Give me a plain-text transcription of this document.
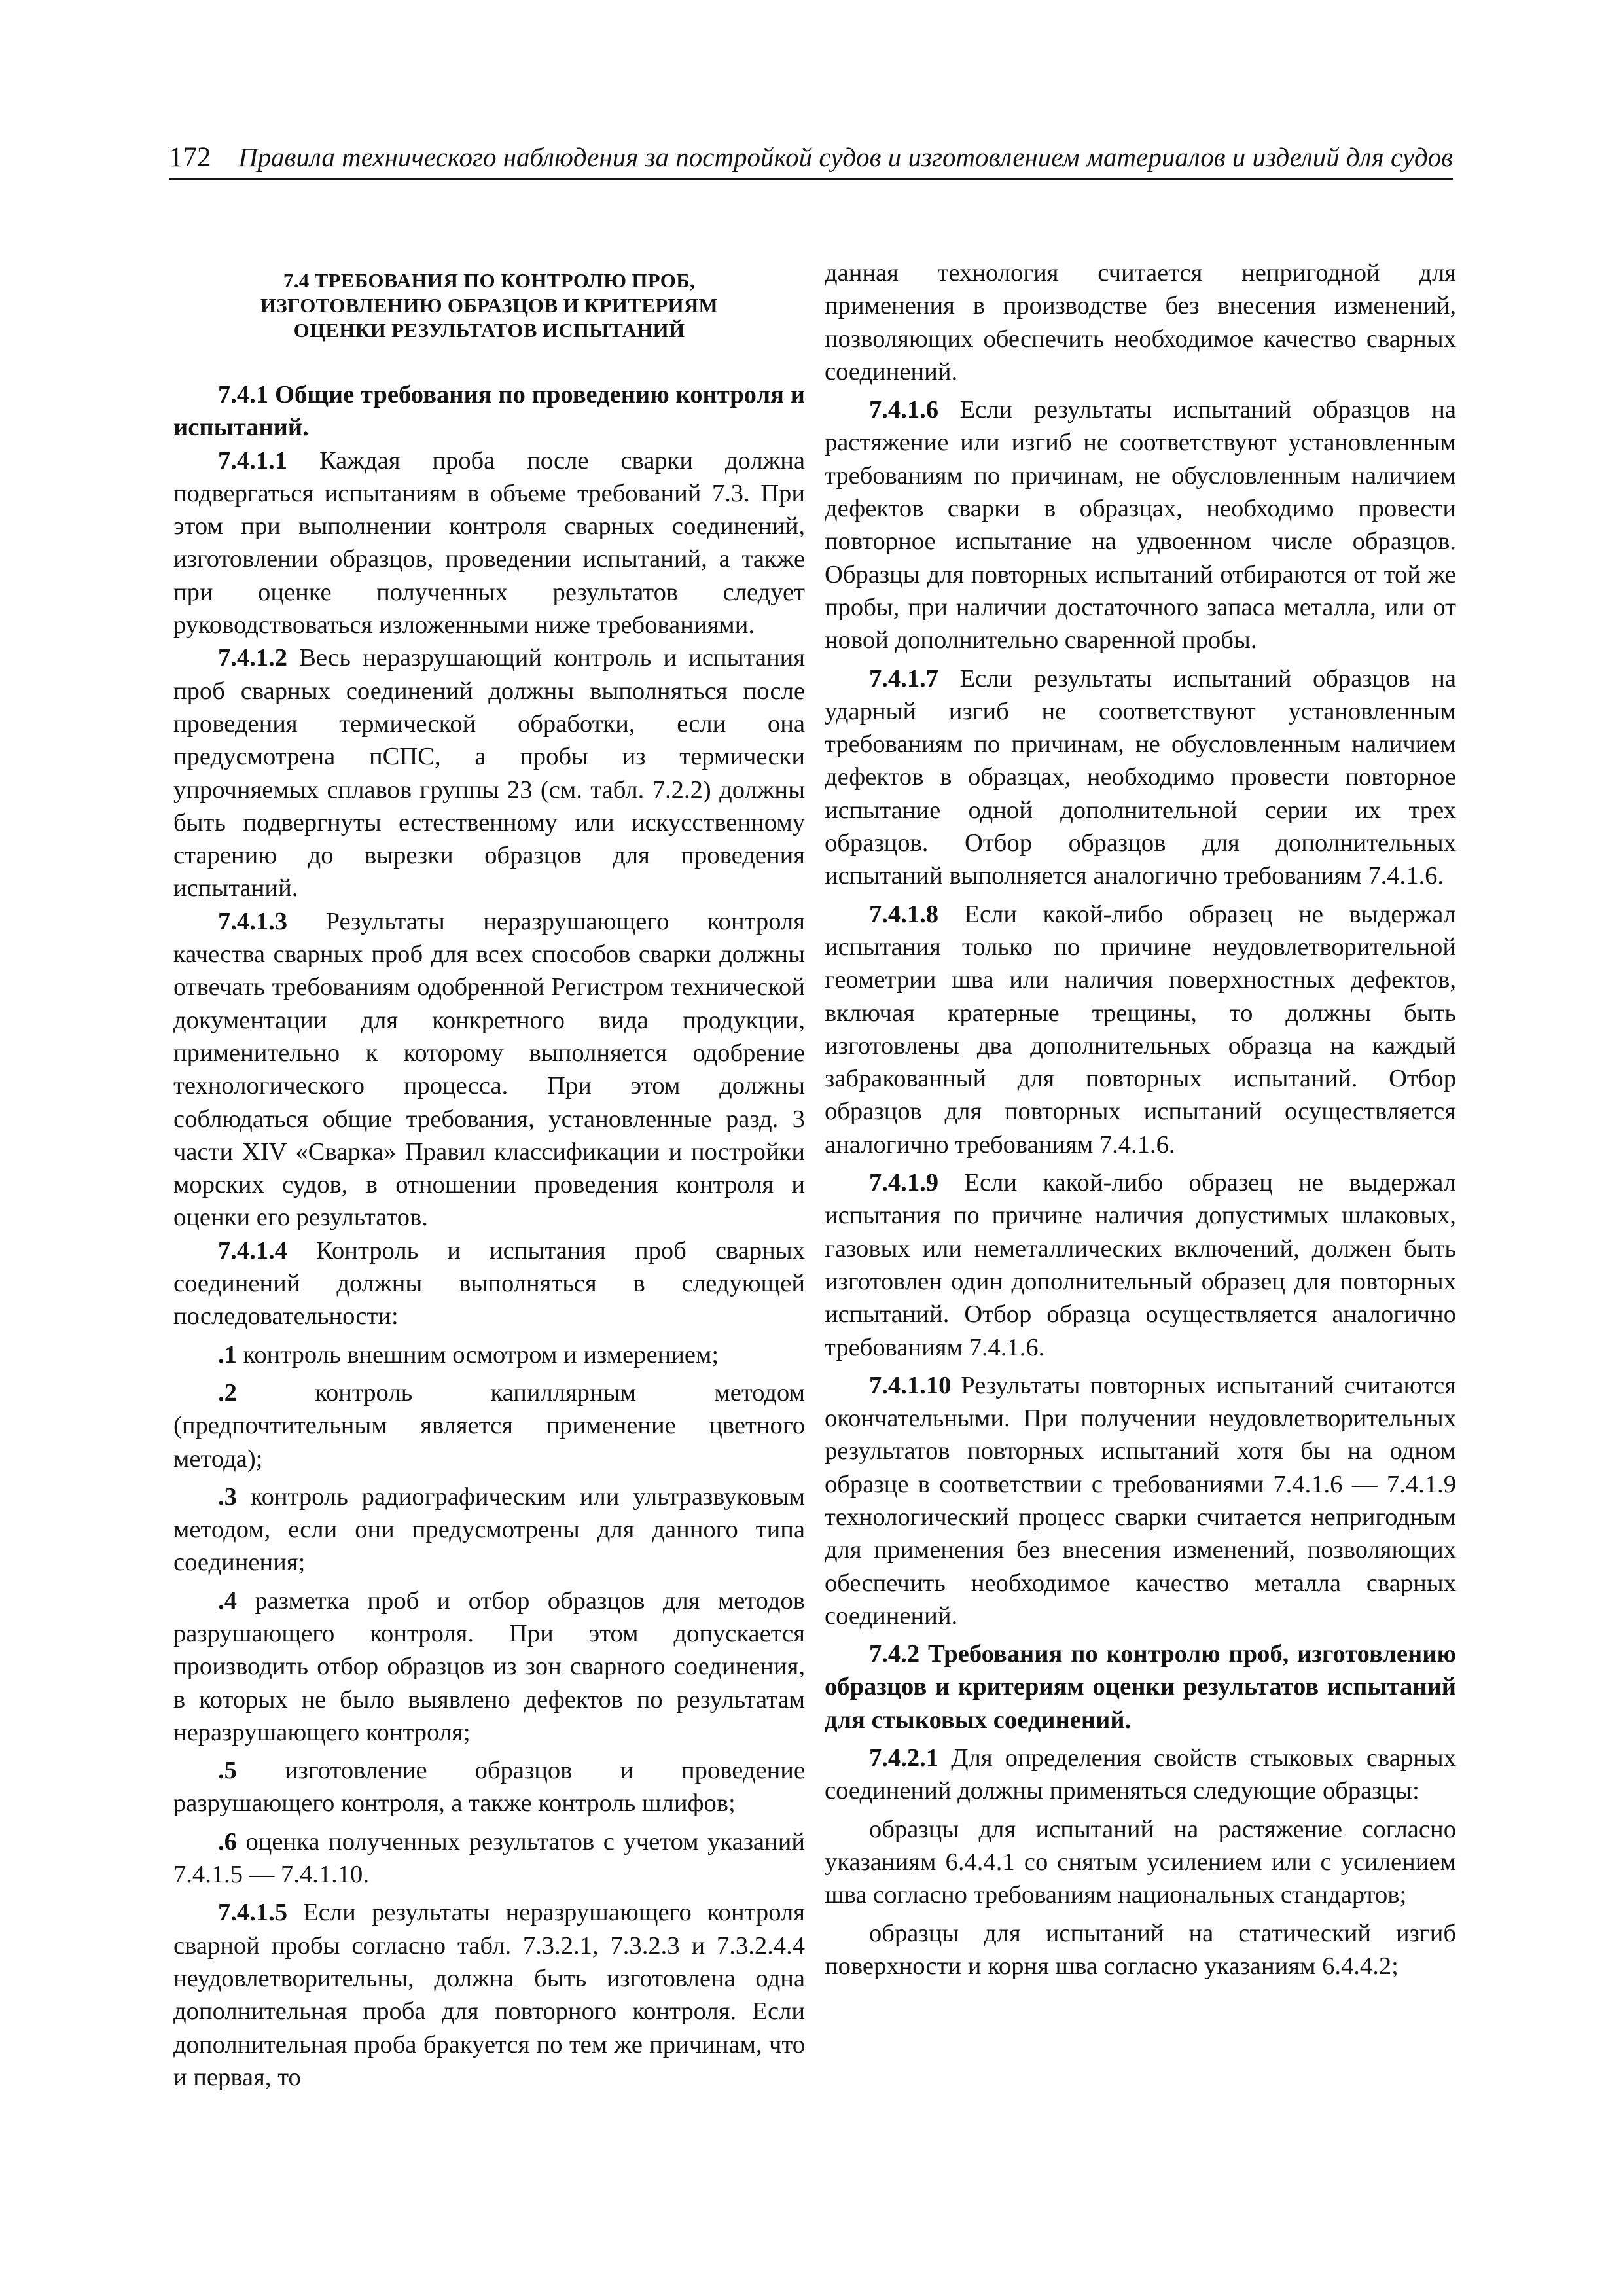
172 Правила технического наблюдения за постройкой судов и изготовлением материалов и изделий для судов
7.4 ТРЕБОВАНИЯ ПО КОНТРОЛЮ ПРОБ, ИЗГОТОВЛЕНИЮ ОБРАЗЦОВ И КРИТЕРИЯМ ОЦЕНКИ РЕЗУЛЬТАТОВ ИСПЫТАНИЙ

7.4.1 Общие требования по проведению контроля и испытаний.

7.4.1.1 Каждая проба после сварки должна подвергаться испытаниям в объеме требований 7.3. При этом при выполнении контроля сварных соединений, изготовлении образцов, проведении испытаний, а также при оценке полученных результатов следует руководствоваться изложенными ниже требованиями.

7.4.1.2 Весь неразрушающий контроль и испытания проб сварных соединений должны выполняться после проведения термической обработки, если она предусмотрена пСПС, а пробы из термически упрочняемых сплавов группы 23 (см. табл. 7.2.2) должны быть подвергнуты естественному или искусственному старению до вырезки образцов для проведения испытаний.

7.4.1.3 Результаты неразрушающего контроля качества сварных проб для всех способов сварки должны отвечать требованиям одобренной Регистром технической документации для конкретного вида продукции, применительно к которому выполняется одобрение технологического процесса. При этом должны соблюдаться общие требования, установленные разд. 3 части XIV «Сварка» Правил классификации и постройки морских судов, в отношении проведения контроля и оценки его результатов.

7.4.1.4 Контроль и испытания проб сварных соединений должны выполняться в следующей последовательности:

.1 контроль внешним осмотром и измерением;

.2 контроль капиллярным методом (предпочтительным является применение цветного метода);

.3 контроль радиографическим или ультразвуковым методом, если они предусмотрены для данного типа соединения;

.4 разметка проб и отбор образцов для методов разрушающего контроля. При этом допускается производить отбор образцов из зон сварного соединения, в которых не было выявлено дефектов по результатам неразрушающего контроля;

.5 изготовление образцов и проведение разрушающего контроля, а также контроль шлифов;

.6 оценка полученных результатов с учетом указаний 7.4.1.5 — 7.4.1.10.

7.4.1.5 Если результаты неразрушающего контроля сварной пробы согласно табл. 7.3.2.1, 7.3.2.3 и 7.3.2.4.4 неудовлетворительны, должна быть изготовлена одна дополнительная проба для повторного контроля. Если дополнительная проба бракуется по тем же причинам, что и первая, то

данная технология считается непригодной для применения в производстве без внесения изменений, позволяющих обеспечить необходимое качество сварных соединений.

7.4.1.6 Если результаты испытаний образцов на растяжение или изгиб не соответствуют установленным требованиям по причинам, не обусловленным наличием дефектов сварки в образцах, необходимо провести повторное испытание на удвоенном числе образцов. Образцы для повторных испытаний отбираются от той же пробы, при наличии достаточного запаса металла, или от новой дополнительно сваренной пробы.

7.4.1.7 Если результаты испытаний образцов на ударный изгиб не соответствуют установленным требованиям по причинам, не обусловленным наличием дефектов в образцах, необходимо провести повторное испытание одной дополнительной серии их трех образцов. Отбор образцов для дополнительных испытаний выполняется аналогично требованиям 7.4.1.6.

7.4.1.8 Если какой-либо образец не выдержал испытания только по причине неудовлетворительной геометрии шва или наличия поверхностных дефектов, включая кратерные трещины, то должны быть изготовлены два дополнительных образца на каждый забракованный для повторных испытаний. Отбор образцов для повторных испытаний осуществляется аналогично требованиям 7.4.1.6.

7.4.1.9 Если какой-либо образец не выдержал испытания по причине наличия допустимых шлаковых, газовых или неметаллических включений, должен быть изготовлен один дополнительный образец для повторных испытаний. Отбор образца осуществляется аналогично требованиям 7.4.1.6.

7.4.1.10 Результаты повторных испытаний считаются окончательными. При получении неудовлетворительных результатов повторных испытаний хотя бы на одном образце в соответствии с требованиями 7.4.1.6 — 7.4.1.9 технологический процесс сварки считается непригодным для применения без внесения изменений, позволяющих обеспечить необходимое качество металла сварных соединений.

7.4.2 Требования по контролю проб, изготовлению образцов и критериям оценки результатов испытаний для стыковых соединений.

7.4.2.1 Для определения свойств стыковых сварных соединений должны применяться следующие образцы:

образцы для испытаний на растяжение согласно указаниям 6.4.4.1 со снятым усилением или с усилением шва согласно требованиям национальных стандартов;

образцы для испытаний на статический изгиб поверхности и корня шва согласно указаниям 6.4.4.2;
